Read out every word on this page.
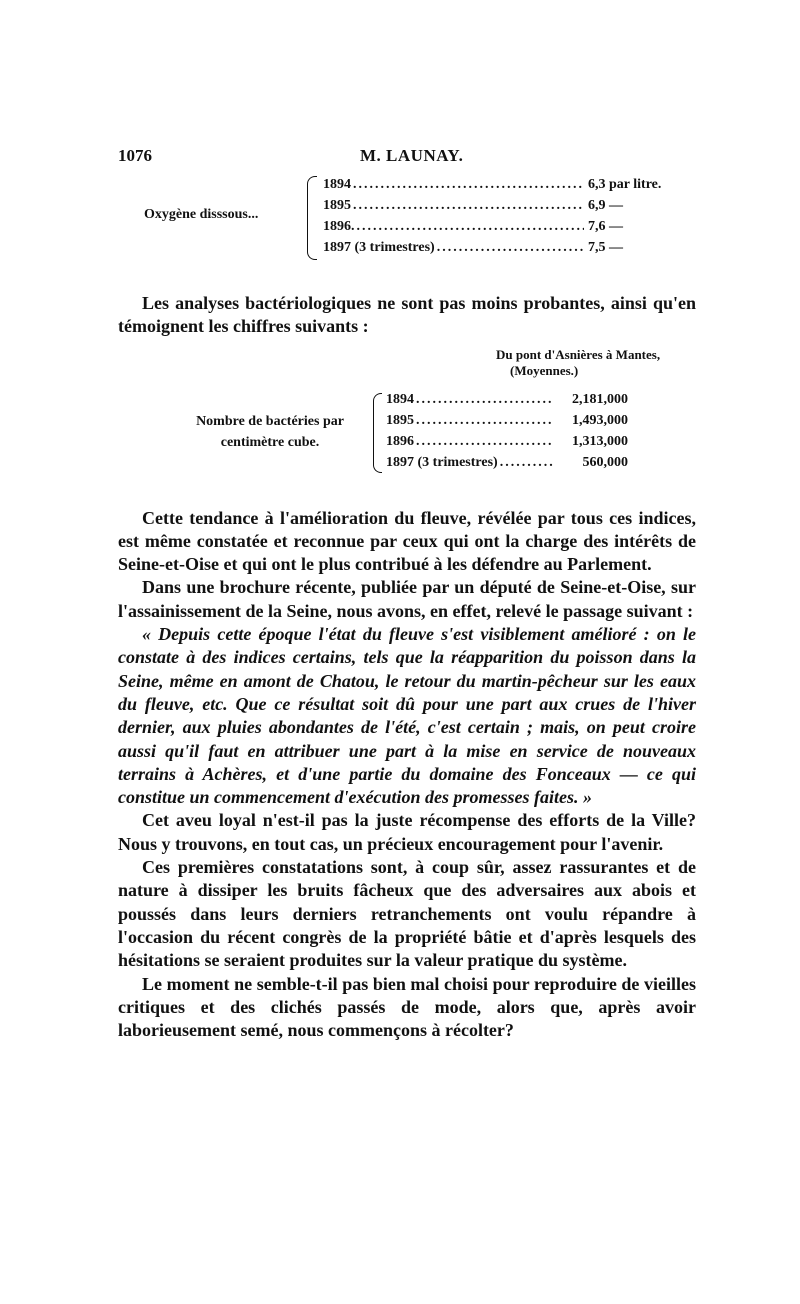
1076	M. LAUNAY.
Oxygène disssous...
1894 .....	6,3 par litre.
1895 .....	6,9 —
1896. .....	7,6 —
1897 (3 trimestres) .....	7,5 —

Les analyses bactériologiques ne sont pas moins probantes, ainsi qu'en témoignent les chiffres suivants :

Du pont d'Asnières à Mantes,
(Moyennes.)
Nombre de bactéries par
centimètre cube.
1894 .....	2,181,000
1895 .....	1,493,000
1896 .....	1,313,000
1897 (3 trimestres) .....	560,000

Cette tendance à l'amélioration du fleuve, révélée par tous ces indices, est même constatée et reconnue par ceux qui ont la charge des intérêts de Seine-et-Oise et qui ont le plus contribué à les défendre au Parlement.

Dans une brochure récente, publiée par un député de Seine-et-Oise, sur l'assainissement de la Seine, nous avons, en effet, relevé le passage suivant :

« Depuis cette époque l'état du fleuve s'est visiblement amélioré : on le constate à des indices certains, tels que la réapparition du poisson dans la Seine, même en amont de Chatou, le retour du martin-pêcheur sur les eaux du fleuve, etc. Que ce résultat soit dû pour une part aux crues de l'hiver dernier, aux pluies abondantes de l'été, c'est certain ; mais, on peut croire aussi qu'il faut en attribuer une part à la mise en service de nouveaux terrains à Achères, et d'une partie du domaine des Fonceaux — ce qui constitue un commencement d'exécution des promesses faites. »

Cet aveu loyal n'est-il pas la juste récompense des efforts de la Ville? Nous y trouvons, en tout cas, un précieux encouragement pour l'avenir.

Ces premières constatations sont, à coup sûr, assez rassurantes et de nature à dissiper les bruits fâcheux que des adversaires aux abois et poussés dans leurs derniers retranchements ont voulu répandre à l'occasion du récent congrès de la propriété bâtie et d'après lesquels des hésitations se seraient produites sur la valeur pratique du système.

Le moment ne semble-t-il pas bien mal choisi pour reproduire de vieilles critiques et des clichés passés de mode, alors que, après avoir laborieusement semé, nous commençons à récolter?
